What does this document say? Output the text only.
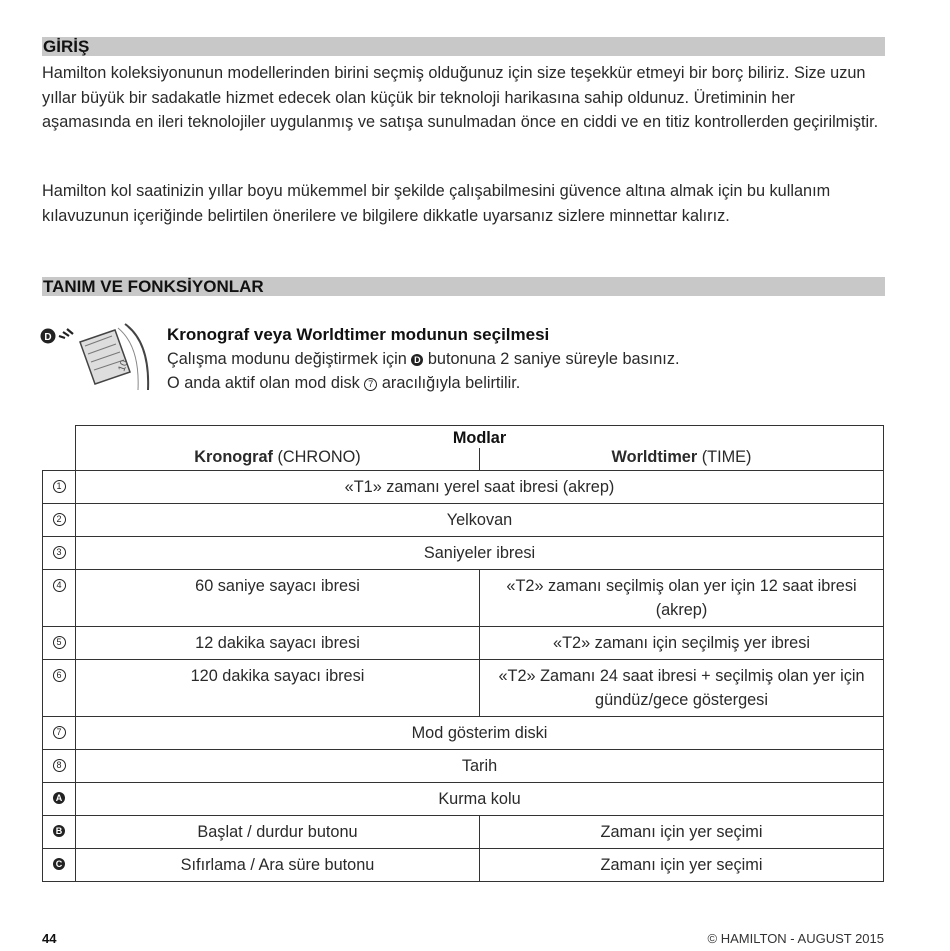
GİRİŞ

Hamilton koleksiyonunun modellerinden birini seçmiş olduğunuz için size teşekkür etmeyi bir borç biliriz. Size uzun yıllar büyük bir sadakatle hizmet edecek olan küçük bir teknoloji harikasına sahip oldunuz. Üretiminin her aşamasında en ileri teknolojiler uygulanmış ve satışa sunulmadan önce en ciddi ve en titiz kontrollerden geçirilmiştir.

Hamilton kol saatinizin yıllar boyu mükemmel bir şekilde çalışabilmesini güvence altına almak için bu kullanım kılavuzunun içeriğinde belirtilen önerilere ve bilgilere dikkatle uyarsanız sizlere minnettar kalırız.

TANIM VE FONKSİYONLAR
D
10
Kronograf veya Worldtimer modunun seçilmesi
Çalışma modunu değiştirmek için D butonuna 2 saniye süreyle basınız.
O anda aktif olan mod disk 7 aracılığıyla belirtilir.

	Modlar
Kronograf (CHRONO) Worldtimer (TIME)	

1	«T1» zamanı yerel saat ibresi (akrep)	
2	Yelkovan	
3	Saniyeler ibresi	
4	60 saniye sayacı ibresi	«T2» zamanı seçilmiş olan yer için 12 saat ibresi (akrep)
5	12 dakika sayacı ibresi	«T2» zamanı için seçilmiş yer ibresi
6	120 dakika sayacı ibresi	«T2» Zamanı 24 saat ibresi + seçilmiş olan yer için gündüz/gece göstergesi
7	Mod gösterim diski	
8	Tarih	
A	Kurma kolu	
B	Başlat / durdur butonu	Zamanı için yer seçimi
C	Sıfırlama / Ara süre butonu	Zamanı için yer seçimi
44	© HAMILTON - AUGUST 2015
